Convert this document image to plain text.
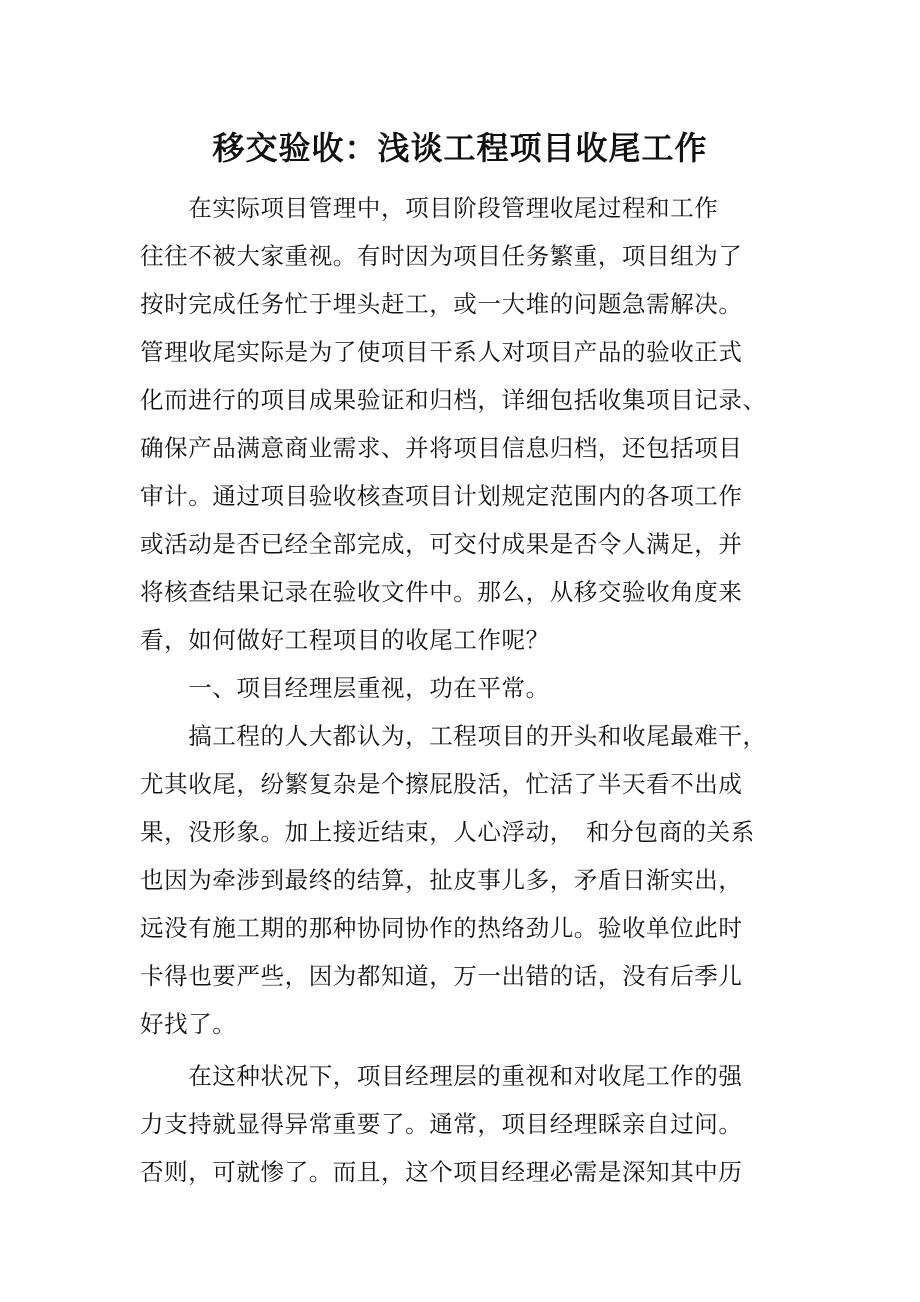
移交验收：浅谈工程项目收尾工作
　　在实际项目管理中，项目阶段管理收尾过程和工作
往往不被大家重视。有时因为项目任务繁重，项目组为了
按时完成任务忙于埋头赶工，或一大堆的问题急需解决。
管理收尾实际是为了使项目干系人对项目产品的验收正式
化而进行的项目成果验证和归档，详细包括收集项目记录、
确保产品满意商业需求、并将项目信息归档，还包括项目
审计。通过项目验收核查项目计划规定范围内的各项工作
或活动是否已经全部完成，可交付成果是否令人满足，并
将核查结果记录在验收文件中。那么，从移交验收角度来
看，如何做好工程项目的收尾工作呢？
　　一、项目经理层重视，功在平常。
　　搞工程的人大都认为，工程项目的开头和收尾最难干，
尤其收尾，纷繁复杂是个擦屁股活，忙活了半天看不出成
果，没形象。加上接近结束，人心浮动，　和分包商的关系
也因为牵涉到最终的结算，扯皮事儿多，矛盾日渐实出，
远没有施工期的那种协同协作的热络劲儿。验收单位此时
卡得也要严些，因为都知道，万一出错的话，没有后季儿
好找了。
　　在这种状况下，项目经理层的重视和对收尾工作的强
力支持就显得异常重要了。通常，项目经理睬亲自过问。
否则，可就惨了。而且，这个项目经理必需是深知其中历
